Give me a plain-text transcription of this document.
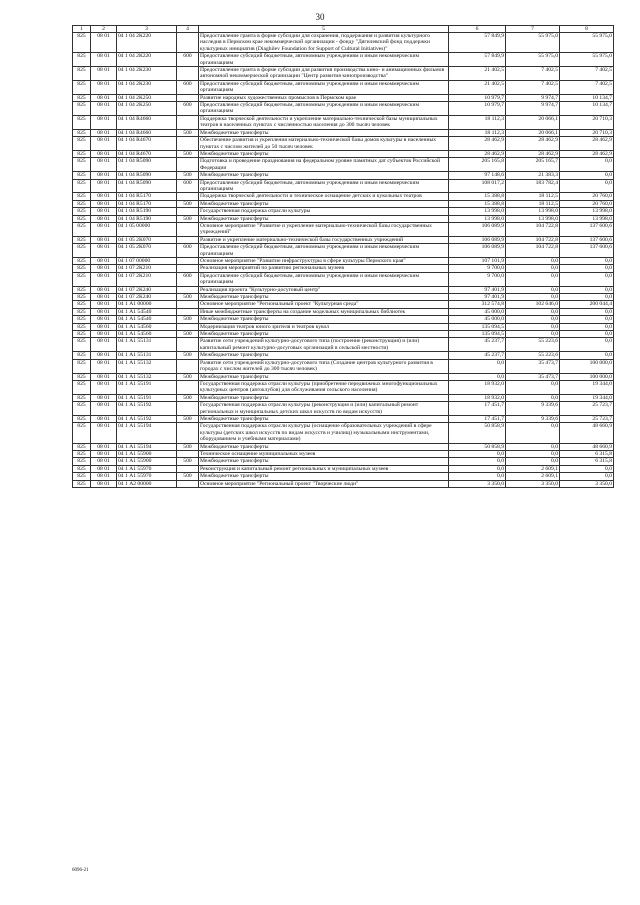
30
1	2	3	4	5	6	7	8
825	08 01	04 1 04 2К220		Предоставление гранта в форме субсидии для сохранения, поддержания и развития культурного наследия в Пермском крае некоммерческой организации - фонду "Дягилевский фонд поддержки культурных инициатив (Diaghilev Foundation for Support of Cultural Initiatives)"	57 849,9	55 975,0	55 975,0
825	08 01	04 1 04 2К220	600	Предоставление субсидий бюджетным, автономным учреждениям и иным некоммерческим организациям	57 849,9	55 975,0	55 975,0
825	08 01	04 1 04 2К230		Предоставление гранта в форме субсидии для развития производства кино- и анимационных фильмов автономной некоммерческой организации "Центр развития кинопроизводства"	21 402,5	7 402,5	7 402,5
825	08 01	04 1 04 2К230	600	Предоставление субсидий бюджетным, автономным учреждениям и иным некоммерческим организациям	21 402,5	7 402,5	7 402,5
825	08 01	04 1 04 2К250		Развитие народных художественных промыслов в Пермском крае	10 979,7	9 974,7	10 134,7
825	08 01	04 1 04 2К250	600	Предоставление субсидий бюджетным, автономным учреждениям и иным некоммерческим организациям	10 979,7	9 974,7	10 134,7
825	08 01	04 1 04 R4660		Поддержка творческой деятельности и укрепление материально-технической базы муниципальных театров в населенных пунктах с численностью населения до 300 тысяч человек	18 112,3	20 066,1	20 710,3
825	08 01	04 1 04 R4660	500	Межбюджетные трансферты	18 112,3	20 066,1	20 710,3
825	08 01	04 1 04 R4670		Обеспечение развития и укрепления материально-технической базы домов культуры в населенных пунктах с числом жителей до 50 тысяч человек	28 462,9	28 462,9	28 462,9
825	08 01	04 1 04 R4670	500	Межбюджетные трансферты	28 462,9	28 462,9	28 462,9
825	08 01	04 1 04 R5090		Подготовка и проведение празднования на федеральном уровне памятных дат субъектов Российской Федерации	205 165,8	205 165,7	0,0
825	08 01	04 1 04 R5090	500	Межбюджетные трансферты	97 148,6	21 383,3	0,0
825	08 01	04 1 04 R5090	600	Предоставление субсидий бюджетным, автономным учреждениям и иным некоммерческим организациям	108 017,2	183 782,4	0,0
825	08 01	04 1 04 R5170		Поддержка творческой деятельности и техническое оснащение детских и кукольных театров	15 388,8	18 112,5	20 760,0
825	08 01	04 1 04 R5170	500	Межбюджетные трансферты	15 388,8	18 112,5	20 760,0
825	08 01	04 1 04 R5190		Государственная поддержка отрасли культуры	13 998,0	13 998,0	13 998,0
825	08 01	04 1 04 R5190	500	Межбюджетные трансферты	13 998,0	13 998,0	13 998,0
825	08 01	04 1 05 00000		Основное мероприятие "Развитие и укрепление материально-технической базы государственных учреждений"	106 089,9	104 722,8	137 600,6
825	08 01	04 1 05 2К070		Развитие и укрепление материально-технической базы государственных учреждений	106 089,9	104 722,8	137 600,6
825	08 01	04 1 05 2К070	600	Предоставление субсидий бюджетным, автономным учреждениям и иным некоммерческим организациям	106 089,9	104 722,8	137 600,6
825	08 01	04 1 07 00000		Основное мероприятие "Развитие инфраструктуры в сфере культуры Пермского края"	107 101,9	0,0	0,0
825	08 01	04 1 07 2К210		Реализация мероприятий по развитию региональных музеев	9 700,0	0,0	0,0
825	08 01	04 1 07 2К210	600	Предоставление субсидий бюджетным, автономным учреждениям и иным некоммерческим организациям	9 700,0	0,0	0,0
825	08 01	04 1 07 2К240		Реализация проекта "Культурно-досуговый центр"	97 401,9	0,0	0,0
825	08 01	04 1 07 2К240	500	Межбюджетные трансферты	97 401,9	0,0	0,0
825	08 01	04 1 А1 00000		Основное мероприятие "Региональный проект "Культурная среда"	312 574,8	102 646,0	200 044,4
825	08 01	04 1 А1 54540		Иные межбюджетные трансферты на создание модельных муниципальных библиотек	45 000,0	0,0	0,0
825	08 01	04 1 А1 54540	500	Межбюджетные трансферты	45 000,0	0,0	0,0
825	08 01	04 1 А1 54560		Модернизация театров юного зрителя и театров кукол	135 094,5	0,0	0,0
825	08 01	04 1 А1 54560	500	Межбюджетные трансферты	135 094,5	0,0	0,0
825	08 01	04 1 А1 55131		Развитие сети учреждений культурно-досугового типа (построение (реконструкция) и (или) капитальный ремонт культурно-досуговых организаций в сельской местности)	45 237,7	55 223,6	0,0
825	08 01	04 1 А1 55131	500	Межбюджетные трансферты	45 237,7	55 223,6	0,0
825	08 01	04 1 А1 55132		Развитие сети учреждений культурно-досугового типа (Создание центров культурного развития в городах с числом жителей до 300 тысяч человек)	0,0	35 473,7	100 000,0
825	08 01	04 1 А1 55132	500	Межбюджетные трансферты	0,0	35 473,7	100 000,0
825	08 01	04 1 А1 55191		Государственная поддержка отрасли культуры (приобретение передвижных многофункциональных культурных центров (автоклубов) для обслуживания сельского населения)	18 932,0	0,0	19 344,0
825	08 01	04 1 А1 55191	500	Межбюджетные трансферты	18 932,0	0,0	19 344,0
825	08 01	04 1 А1 55192		Государственная поддержка отрасли культуры (реконструкция и (или) капитальный ремонт региональных и муниципальных детских школ искусств по видам искусств)	17 451,7	9 339,6	25 723,7
825	08 01	04 1 А1 55192	500	Межбюджетные трансферты	17 451,7	9 339,6	25 723,7
825	08 01	04 1 А1 55194		Государственная поддержка отрасли культуры (оснащение образовательных учреждений в сфере культуры (детских школ искусств по видам искусств и училищ) музыкальными инструментами, оборудованием и учебными материалами)	50 858,9	0,0	48 660,9
825	08 01	04 1 А1 55194	500	Межбюджетные трансферты	50 858,9	0,0	48 660,9
825	08 01	04 1 А1 55900		Техническое оснащение муниципальных музеев	0,0	0,0	6 315,8
825	08 01	04 1 А1 55900	500	Межбюджетные трансферты	0,0	0,0	6 315,8
825	08 01	04 1 А1 55970		Реконструкция и капитальный ремонт региональных и муниципальных музеев	0,0	2 609,1	0,0
825	08 01	04 1 А1 55970	500	Межбюджетные трансферты	0,0	2 609,1	0,0
825	08 01	04 1 А2 00000		Основное мероприятие "Региональный проект "Творческие люди"	3 350,0	3 350,0	3 350,0
6096-21
